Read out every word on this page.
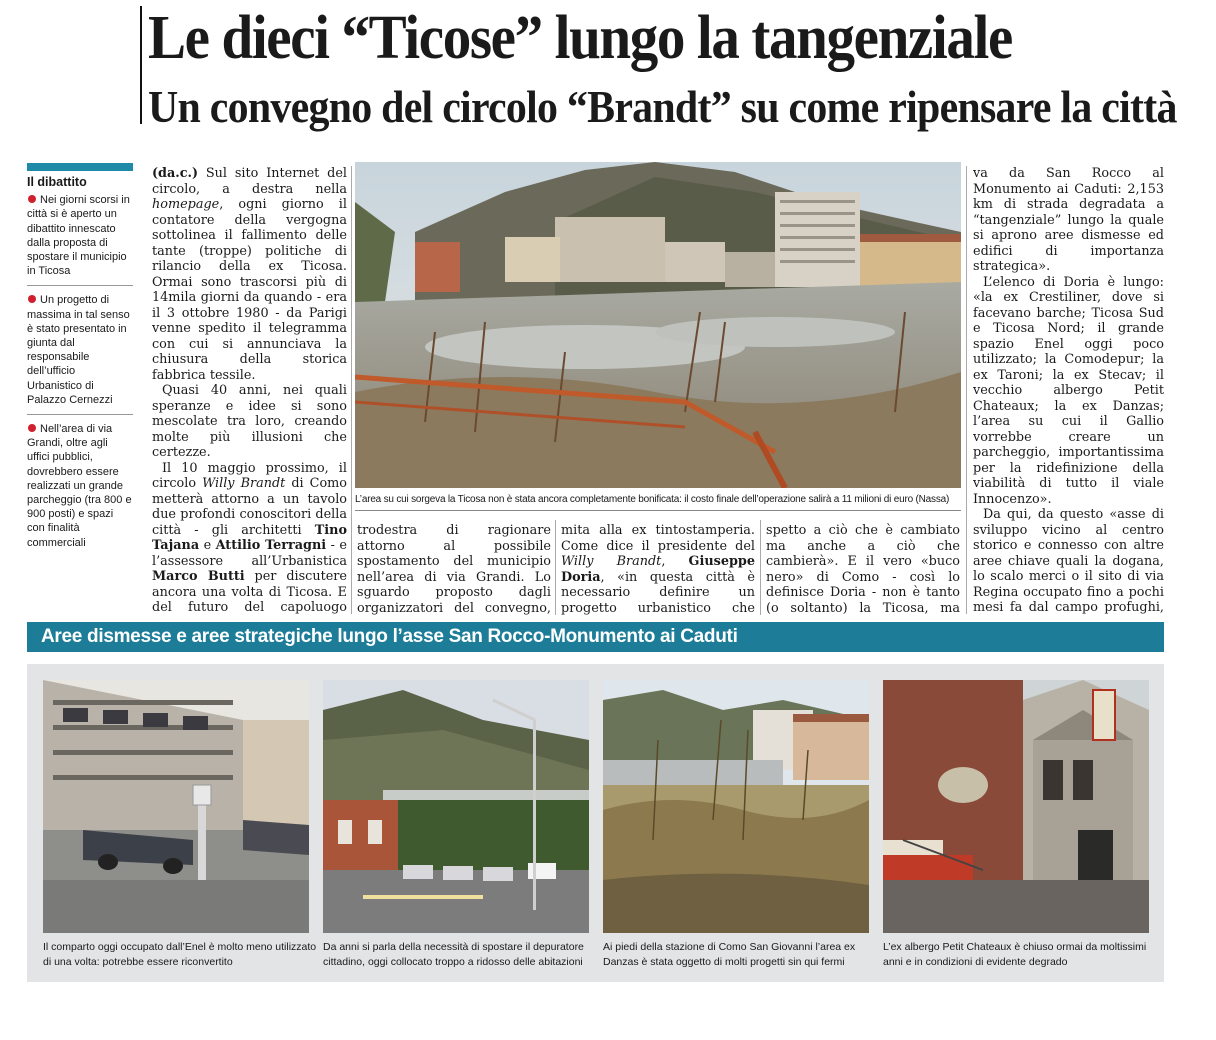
Le dieci “Ticose” lungo la tangenziale
Un convegno del circolo “Brandt” su come ripensare la città
Il dibattito
Nei giorni scorsi in città si è aperto un dibattito innescato dalla proposta di spostare il municipio in Ticosa
Un progetto di massima in tal senso è stato presentato in giunta dal responsabile dell’ufficio Urbanistico di Palazzo Cernezzi
Nell’area di via Grandi, oltre agli uffici pubblici, dovrebbero essere realizzati un grande parcheggio (tra 800 e 900 posti) e spazi con finalità commerciali

(da.c.) Sul sito Internet del circolo, a destra nella homepage, ogni giorno il contatore della vergogna sottolinea il fallimento delle tante (troppe) politiche di rilancio della ex Ticosa. Ormai sono trascorsi più di 14mila giorni da quando - era il 3 ottobre 1980 - da Parigi venne spedito il telegramma con cui si annunciava la chiusura della storica fabbrica tessile.

Quasi 40 anni, nei quali speranze e idee si sono mescolate tra loro, creando molte più illusioni che certezze.

Il 10 maggio prossimo, il circolo Willy Brandt di Como metterà attorno a un tavolo due profondi conoscitori della città - gli architetti Tino Tajana e Attilio Terragni - e l’assessore all’Urbanistica Marco Butti per discutere ancora una volta di Ticosa. E del futuro del capoluogo

L’area su cui sorgeva la Ticosa non è stata ancora completamente bonificata: il costo finale dell’operazione salirà a 11 milioni di euro (Nassa)

trodestra di ragionare attorno al possibile spostamento del municipio nell’area di via Grandi. Lo sguardo proposto dagli organizzatori del convegno,

mita alla ex tintostamperia. Come dice il presidente del Willy Brandt, Giuseppe Doria, «in questa città è necessario definire un progetto urbanistico che

spetto a ciò che è cambiato ma anche a ciò che cambierà». E il vero «buco nero» di Como - così lo definisce Doria - non è tanto (o soltanto) la Ticosa, ma

va da San Rocco al Monumento ai Caduti: 2,153 km di strada degradata a “tangenziale” lungo la quale si aprono aree dismesse ed edifici di importanza strategica».

L’elenco di Doria è lungo: «la ex Crestiliner, dove si facevano barche; Ticosa Sud e Ticosa Nord; il grande spazio Enel oggi poco utilizzato; la Comodepur; la ex Taroni; la ex Stecav; il vecchio albergo Petit Chateaux; la ex Danzas; l’area su cui il Gallio vorrebbe creare un parcheggio, importantissima per la ridefinizione della viabilità di tutto il viale Innocenzo».

Da qui, da questo «asse di sviluppo vicino al centro storico e connesso con altre aree chiave quali la dogana, lo scalo merci o il sito di via Regina occupato fino a pochi mesi fa dal campo profughi,

Aree dismesse e aree strategiche lungo l’asse San Rocco-Monumento ai Caduti
Il comparto oggi occupato dall’Enel è molto meno utilizzato di una volta: potrebbe essere riconvertito
Da anni si parla della necessità di spostare il depuratore cittadino, oggi collocato troppo a ridosso delle abitazioni
Ai piedi della stazione di Como San Giovanni l’area ex Danzas è stata oggetto di molti progetti sin qui fermi
L’ex albergo Petit Chateaux è chiuso ormai da moltissimi anni e in condizioni di evidente degrado
